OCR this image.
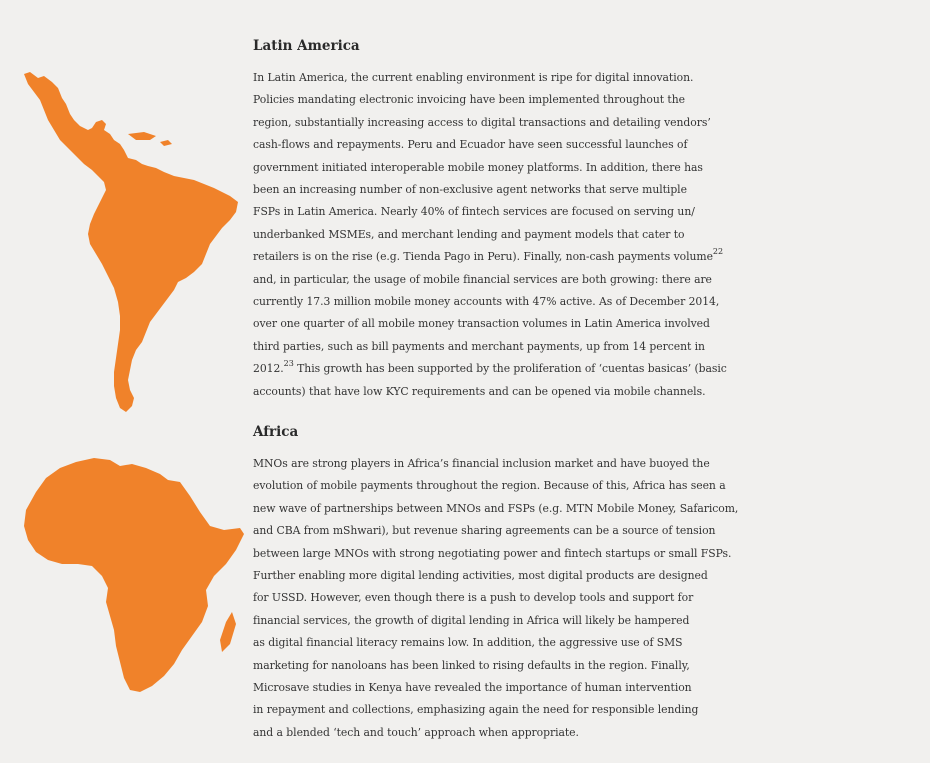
Latin America

In Latin America, the current enabling environment is ripe for digital innovation.
Policies mandating electronic invoicing have been implemented throughout the
region, substantially increasing access to digital transactions and detailing vendors’
cash-flows and repayments. Peru and Ecuador have seen successful launches of
government initiated interoperable mobile money platforms. In addition, there has
been an increasing number of non-exclusive agent networks that serve multiple
FSPs in Latin America. Nearly 40% of fintech services are focused on serving un/
underbanked MSMEs, and merchant lending and payment models that cater to
retailers is on the rise (e.g. Tienda Pago in Peru). Finally, non-cash payments volume$^{22}$
and, in particular, the usage of mobile financial services are both growing: there are
currently 17.3 million mobile money accounts with 47% active. As of December 2014,
over one quarter of all mobile money transaction volumes in Latin America involved
third parties, such as bill payments and merchant payments, up from 14 percent in
2012.23 This growth has been supported by the proliferation of ‘cuentas basicas’ (basic
accounts) that have low KYC requirements and can be opened via mobile channels.

Africa

MNOs are strong players in Africa’s financial inclusion market and have buoyed the
evolution of mobile payments throughout the region. Because of this, Africa has seen a
new wave of partnerships between MNOs and FSPs (e.g. MTN Mobile Money, Safaricom,
and CBA from mShwari), but revenue sharing agreements can be a source of tension
between large MNOs with strong negotiating power and fintech startups or small FSPs.
Further enabling more digital lending activities, most digital products are designed
for USSD. However, even though there is a push to develop tools and support for
financial services, the growth of digital lending in Africa will likely be hampered
as digital financial literacy remains low. In addition, the aggressive use of SMS
marketing for nanoloans has been linked to rising defaults in the region. Finally,
Microsave studies in Kenya have revealed the importance of human intervention
in repayment and collections, emphasizing again the need for responsible lending
and a blended ‘tech and touch’ approach when appropriate.
